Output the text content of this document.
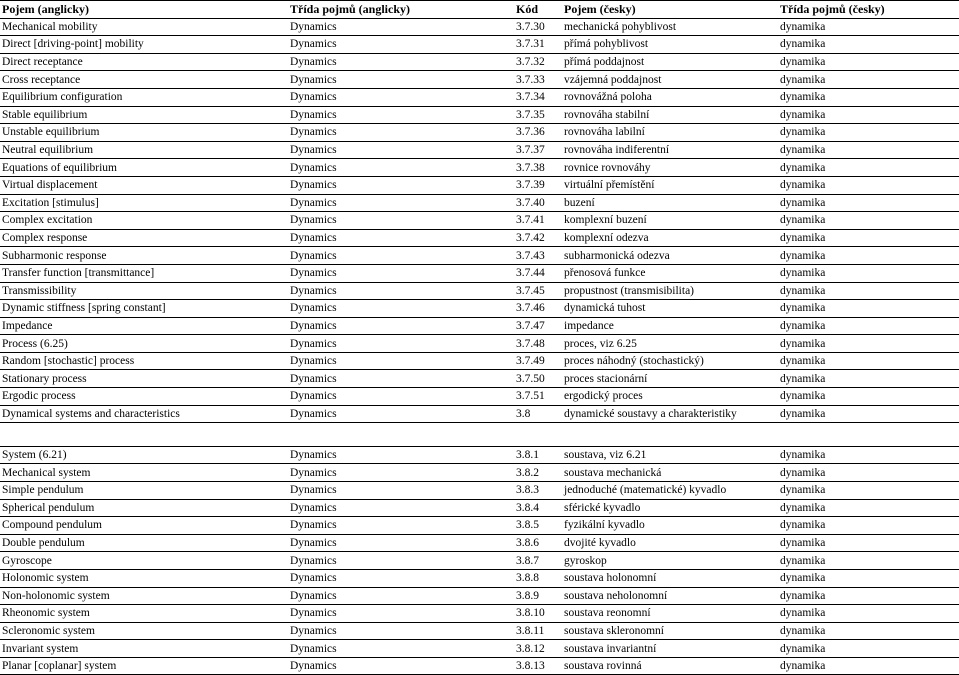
Pojem (anglicky)	Třída pojmů (anglicky)	Kód	Pojem (česky)	Třída pojmů (česky)
Mechanical mobility	Dynamics	3.7.30	mechanická pohyblivost	dynamika
Direct [driving-point] mobility	Dynamics	3.7.31	přímá pohyblivost	dynamika
Direct receptance	Dynamics	3.7.32	přímá poddajnost	dynamika
Cross receptance	Dynamics	3.7.33	vzájemná poddajnost	dynamika
Equilibrium configuration	Dynamics	3.7.34	rovnovážná poloha	dynamika
Stable equilibrium	Dynamics	3.7.35	rovnováha stabilní	dynamika
Unstable equilibrium	Dynamics	3.7.36	rovnováha labilní	dynamika
Neutral equilibrium	Dynamics	3.7.37	rovnováha indiferentní	dynamika
Equations of equilibrium	Dynamics	3.7.38	rovnice rovnováhy	dynamika
Virtual displacement	Dynamics	3.7.39	virtuální přemístění	dynamika
Excitation [stimulus]	Dynamics	3.7.40	buzení	dynamika
Complex excitation	Dynamics	3.7.41	komplexní buzení	dynamika
Complex response	Dynamics	3.7.42	komplexní odezva	dynamika
Subharmonic response	Dynamics	3.7.43	subharmonická odezva	dynamika
Transfer function [transmittance]	Dynamics	3.7.44	přenosová funkce	dynamika
Transmissibility	Dynamics	3.7.45	propustnost (transmisibilita)	dynamika
Dynamic stiffness [spring constant]	Dynamics	3.7.46	dynamická tuhost	dynamika
Impedance	Dynamics	3.7.47	impedance	dynamika
Process (6.25)	Dynamics	3.7.48	proces, viz 6.25	dynamika
Random [stochastic] process	Dynamics	3.7.49	proces náhodný (stochastický)	dynamika
Stationary process	Dynamics	3.7.50	proces stacionární	dynamika
Ergodic process	Dynamics	3.7.51	ergodický proces	dynamika
Dynamical systems and characteristics	Dynamics	3.8	dynamické soustavy a charakteristiky	dynamika

System (6.21)	Dynamics	3.8.1	soustava, viz 6.21	dynamika
Mechanical system	Dynamics	3.8.2	soustava mechanická	dynamika
Simple pendulum	Dynamics	3.8.3	jednoduché (matematické) kyvadlo	dynamika
Spherical pendulum	Dynamics	3.8.4	sférické kyvadlo	dynamika
Compound pendulum	Dynamics	3.8.5	fyzikální kyvadlo	dynamika
Double pendulum	Dynamics	3.8.6	dvojité kyvadlo	dynamika
Gyroscope	Dynamics	3.8.7	gyroskop	dynamika
Holonomic system	Dynamics	3.8.8	soustava holonomní	dynamika
Non-holonomic system	Dynamics	3.8.9	soustava neholonomní	dynamika
Rheonomic system	Dynamics	3.8.10	soustava reonomní	dynamika
Scleronomic system	Dynamics	3.8.11	soustava skleronomní	dynamika
Invariant system	Dynamics	3.8.12	soustava invariantní	dynamika
Planar [coplanar] system	Dynamics	3.8.13	soustava rovinná	dynamika
